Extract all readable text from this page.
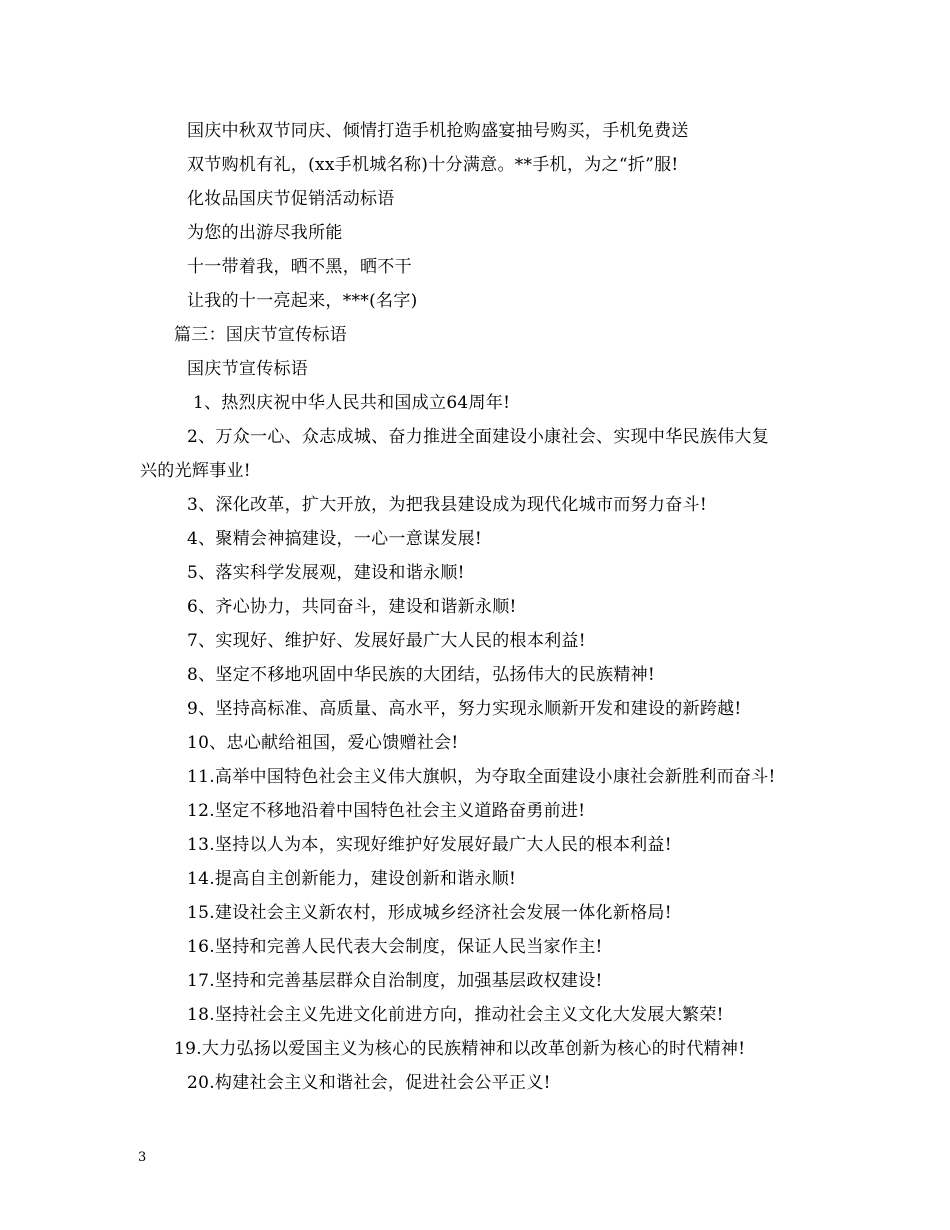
国庆中秋双节同庆、倾情打造手机抢购盛宴抽号购买，手机免费送
双节购机有礼，(xx手机城名称)十分满意。**手机，为之“折”服!
化妆品国庆节促销活动标语
为您的出游尽我所能
十一带着我，晒不黑，晒不干
让我的十一亮起来，***(名字)
篇三：国庆节宣传标语
国庆节宣传标语
1、热烈庆祝中华人民共和国成立64周年!
2、万众一心、众志成城、奋力推进全面建设小康社会、实现中华民族伟大复
兴的光辉事业!
3、深化改革，扩大开放，为把我县建设成为现代化城市而努力奋斗!
4、聚精会神搞建设，一心一意谋发展!
5、落实科学发展观，建设和谐永顺!
6、齐心协力，共同奋斗，建设和谐新永顺!
7、实现好、维护好、发展好最广大人民的根本利益!
8、坚定不移地巩固中华民族的大团结，弘扬伟大的民族精神!
9、坚持高标准、高质量、高水平，努力实现永顺新开发和建设的新跨越!
10、忠心献给祖国，爱心馈赠社会!
11.高举中国特色社会主义伟大旗帜，为夺取全面建设小康社会新胜利而奋斗!
12.坚定不移地沿着中国特色社会主义道路奋勇前进!
13.坚持以人为本，实现好维护好发展好最广大人民的根本利益!
14.提高自主创新能力，建设创新和谐永顺!
15.建设社会主义新农村，形成城乡经济社会发展一体化新格局!
16.坚持和完善人民代表大会制度，保证人民当家作主!
17.坚持和完善基层群众自治制度，加强基层政权建设!
18.坚持社会主义先进文化前进方向，推动社会主义文化大发展大繁荣!
19.大力弘扬以爱国主义为核心的民族精神和以改革创新为核心的时代精神!
20.构建社会主义和谐社会，促进社会公平正义!
3
